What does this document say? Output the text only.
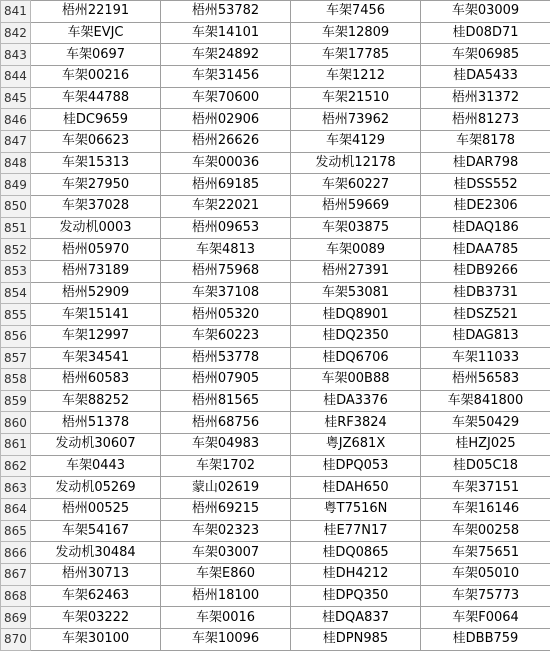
841	梧州22191	梧州53782	车架7456	车架03009
842	车架EVJC	车架14101	车架12809	桂D08D71
843	车架0697	车架24892	车架17785	车架06985
844	车架00216	车架31456	车架1212	桂DA5433
845	车架44788	车架70600	车架21510	梧州31372
846	桂DC9659	梧州02906	梧州73962	梧州81273
847	车架06623	梧州26626	车架4129	车架8178
848	车架15313	车架00036	发动机12178	桂DAR798
849	车架27950	梧州69185	车架60227	桂DSS552
850	车架37028	车架22021	梧州59669	桂DE2306
851	发动机0003	梧州09653	车架03875	桂DAQ186
852	梧州05970	车架4813	车架0089	桂DAA785
853	梧州73189	梧州75968	梧州27391	桂DB9266
854	梧州52909	车架37108	车架53081	桂DB3731
855	车架15141	梧州05320	桂DQ8901	桂DSZ521
856	车架12997	车架60223	桂DQ2350	桂DAG813
857	车架34541	梧州53778	桂DQ6706	车架11033
858	梧州60583	梧州07905	车架00B88	梧州56583
859	车架88252	梧州81565	桂DA3376	车架841800
860	梧州51378	梧州68756	桂RF3824	车架50429
861	发动机30607	车架04983	粤JZ681X	桂HZJ025
862	车架0443	车架1702	桂DPQ053	桂D05C18
863	发动机05269	蒙山02619	桂DAH650	车架37151
864	梧州00525	梧州69215	粤T7516N	车架16146
865	车架54167	车架02323	桂E77N17	车架00258
866	发动机30484	车架03007	桂DQ0865	车架75651
867	梧州30713	车架E860	桂DH4212	车架05010
868	车架62463	梧州18100	桂DPQ350	车架75773
869	车架03222	车架0016	桂DQA837	车架F0064
870	车架30100	车架10096	桂DPN985	桂DBB759
